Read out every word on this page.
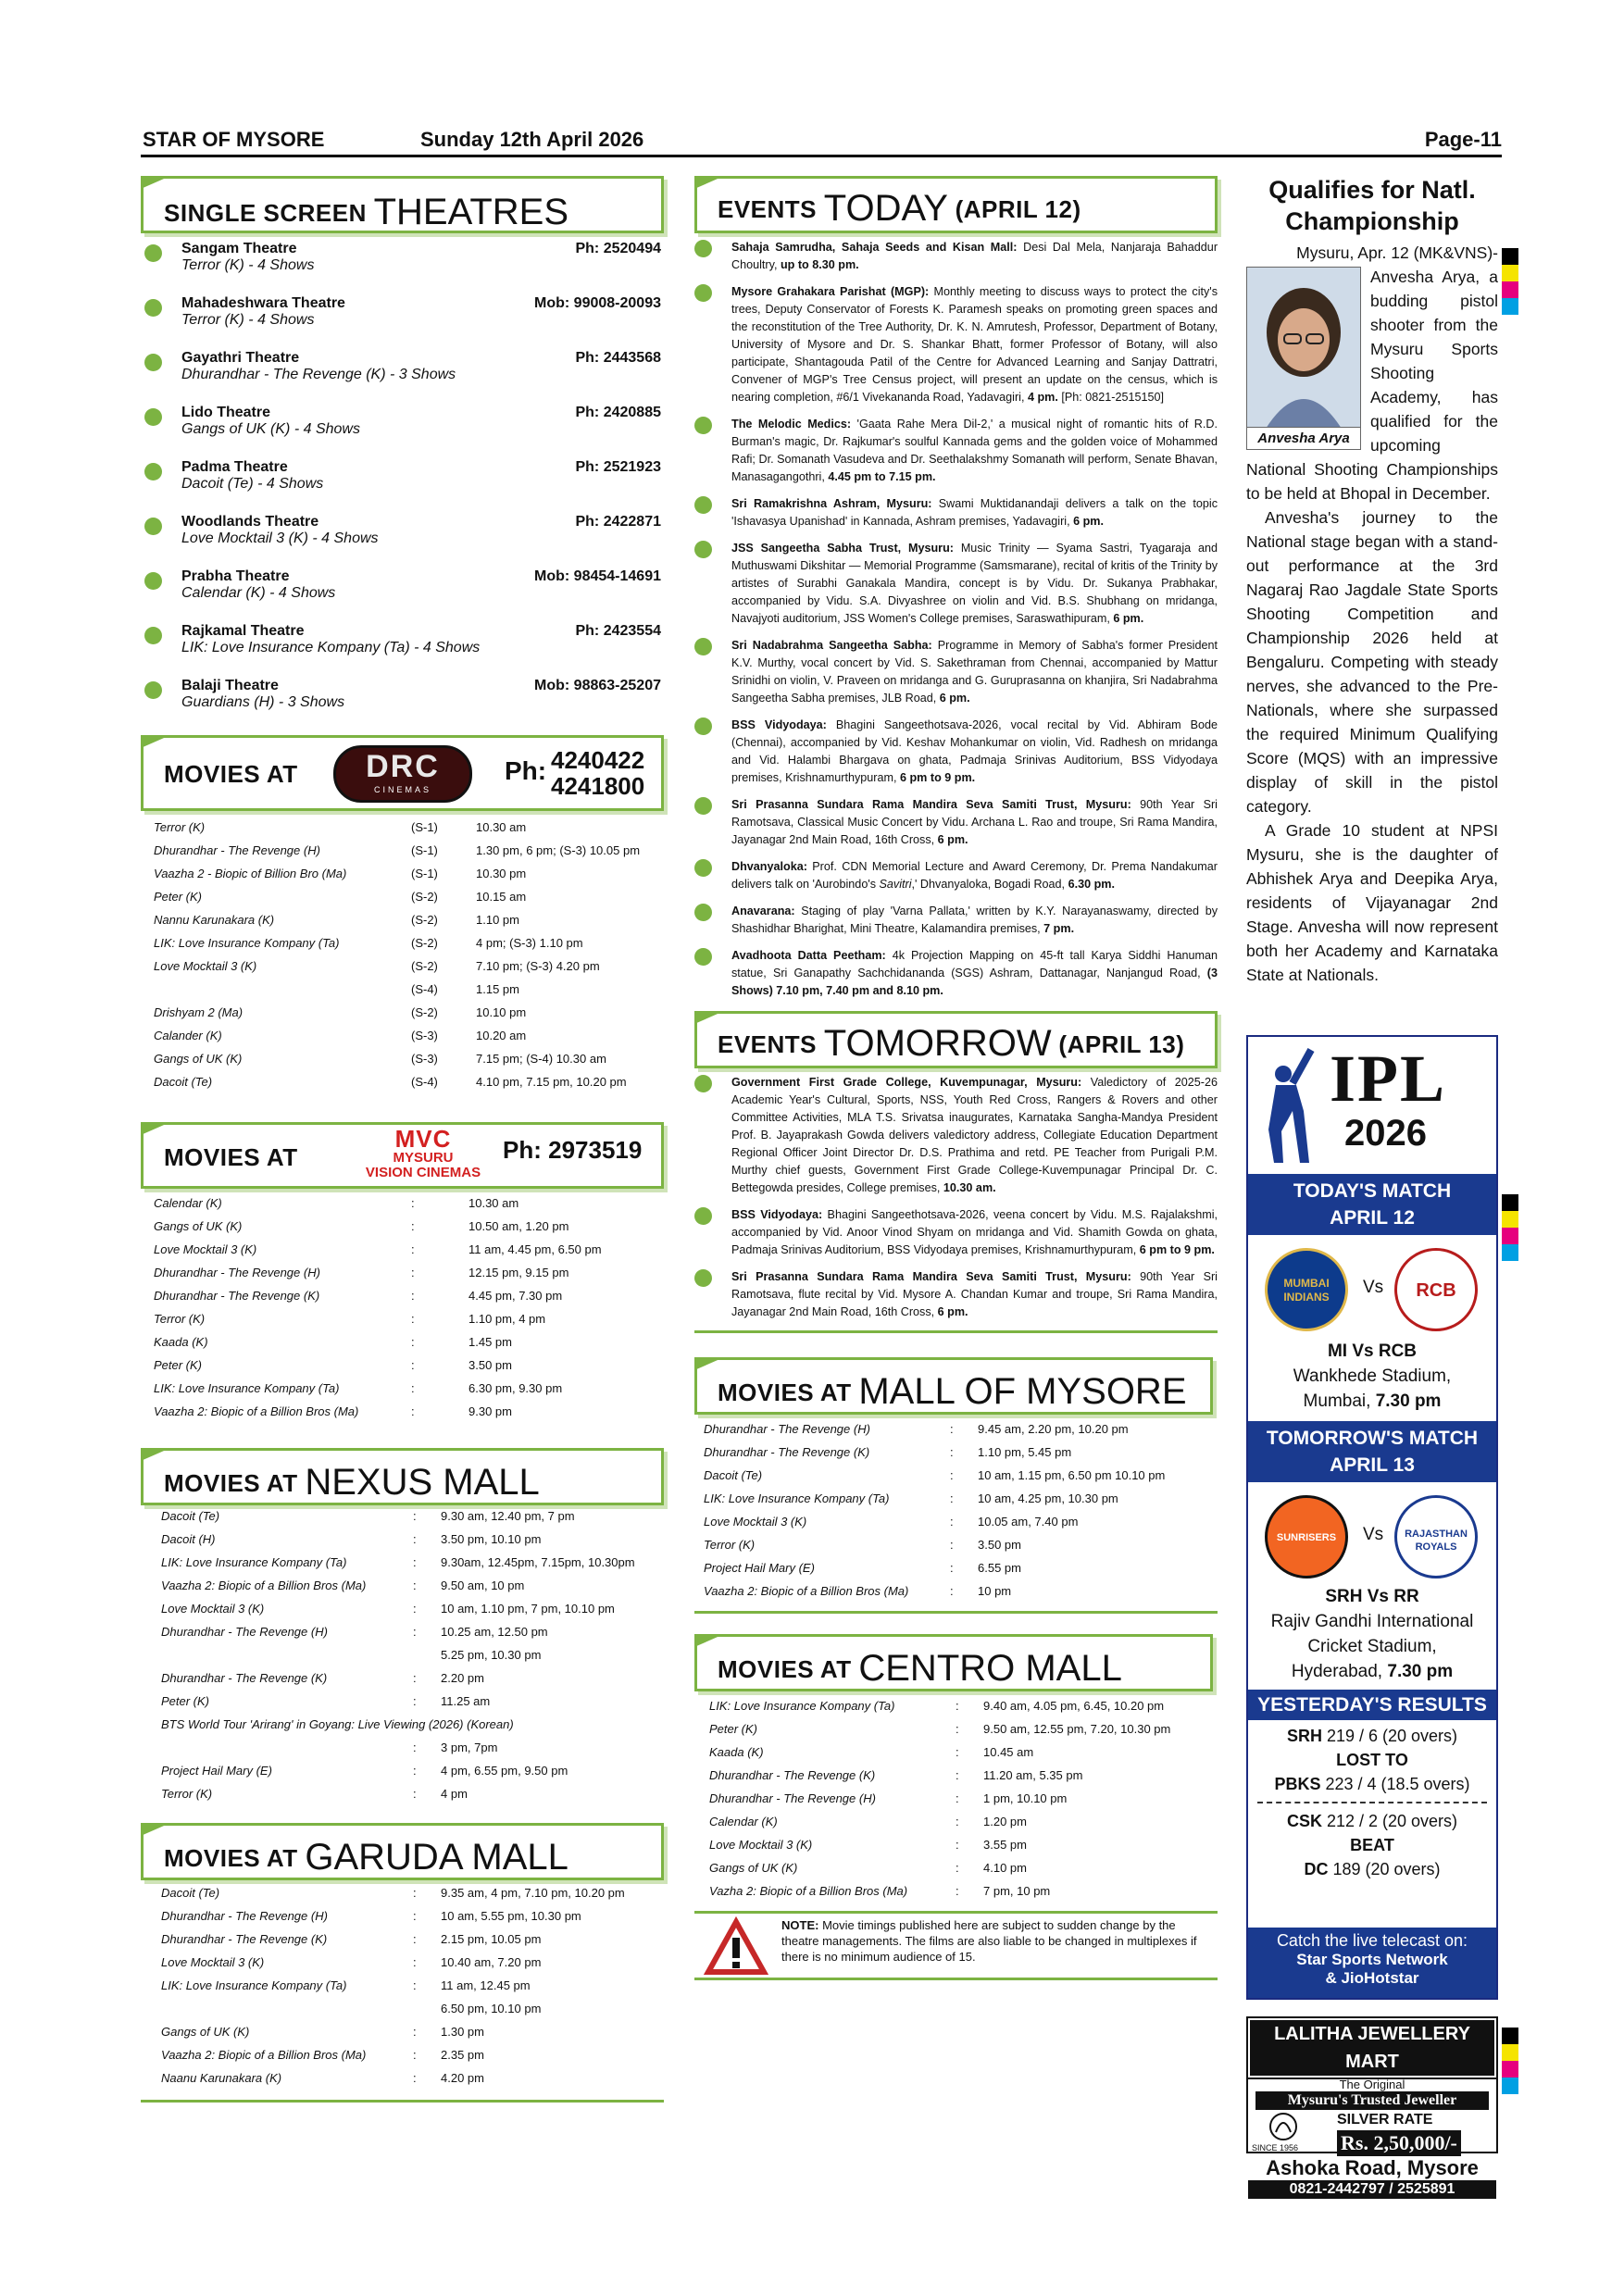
STAR OF MYSORE	Sunday 12th April 2026	Page-11
SINGLE SCREEN THEATRES
Sangam Theatre	Ph: 2520494
Terror (K) - 4 Shows
Mahadeshwara Theatre	Mob: 99008-20093
Terror (K) - 4 Shows
Gayathri Theatre	Ph: 2443568
Dhurandhar - The Revenge (K) - 3 Shows
Lido Theatre	Ph: 2420885
Gangs of UK (K) - 4 Shows
Padma Theatre	Ph: 2521923
Dacoit (Te) - 4 Shows
Woodlands Theatre	Ph: 2422871
Love Mocktail 3 (K) - 4 Shows
Prabha Theatre	Mob: 98454-14691
Calendar (K) - 4 Shows
Rajkamal Theatre	Ph: 2423554
LIK: Love Insurance Kompany (Ta) - 4 Shows
Balaji Theatre	Mob: 98863-25207
Guardians (H) - 3 Shows
MOVIES AT	DRC
CINEMAS
Ph: 4240422
4241800
Terror (K)	(S-1)	10.30 am
Dhurandhar - The Revenge (H)	(S-1)	1.30 pm, 6 pm; (S-3) 10.05 pm
Vaazha 2 - Biopic of Billion Bro (Ma)	(S-1)	10.30 pm
Peter (K)	(S-2)	10.15 am
Nannu Karunakara (K)	(S-2)	1.10 pm
LIK: Love Insurance Kompany (Ta)	(S-2)	4 pm; (S-3) 1.10 pm
Love Mocktail 3 (K)	(S-2)	7.10 pm; (S-3) 4.20 pm
	(S-4)	1.15 pm
Drishyam 2 (Ma)	(S-2)	10.10 pm
Calander (K)	(S-3)	10.20 am
Gangs of UK (K)	(S-3)	7.15 pm; (S-4) 10.30 am
Dacoit (Te)	(S-4)	4.10 pm, 7.15 pm, 10.20 pm
MOVIES AT
MVC
MYSURU
VISION CINEMAS
Ph: 2973519
Calendar (K)	:	10.30 am
Gangs of UK (K)	:	10.50 am, 1.20 pm
Love Mocktail 3 (K)	:	11 am, 4.45 pm, 6.50 pm
Dhurandhar - The Revenge (H)	:	12.15 pm, 9.15 pm
Dhurandhar - The Revenge (K)	:	4.45 pm, 7.30 pm
Terror (K)	:	1.10 pm, 4 pm
Kaada (K)	:	1.45 pm
Peter (K)	:	3.50 pm
LIK: Love Insurance Kompany (Ta)	:	6.30 pm, 9.30 pm
Vaazha 2: Biopic of a Billion Bros (Ma)	:	9.30 pm
MOVIES AT NEXUS MALL
Dacoit (Te)	:	9.30 am, 12.40 pm, 7 pm
Dacoit (H)	:	3.50 pm, 10.10 pm
LIK: Love Insurance Kompany (Ta)	:	9.30am, 12.45pm, 7.15pm, 10.30pm
Vaazha 2: Biopic of a Billion Bros (Ma)	:	9.50 am, 10 pm
Love Mocktail 3 (K)	:	10 am, 1.10 pm, 7 pm, 10.10 pm
Dhurandhar - The Revenge (H)	:	10.25 am, 12.50 pm
		5.25 pm, 10.30 pm
Dhurandhar - The Revenge (K)	:	2.20 pm
Peter (K)	:	11.25 am
BTS World Tour 'Arirang' in Goyang: Live Viewing (2026) (Korean)		
	:	3 pm, 7pm
Project Hail Mary (E)	:	4 pm, 6.55 pm, 9.50 pm
Terror (K)	:	4 pm
MOVIES AT GARUDA MALL
Dacoit (Te)	:	9.35 am, 4 pm, 7.10 pm, 10.20 pm
Dhurandhar - The Revenge (H)	:	10 am, 5.55 pm, 10.30 pm
Dhurandhar - The Revenge (K)	:	2.15 pm, 10.05 pm
Love Mocktail 3 (K)	:	10.40 am, 7.20 pm
LIK: Love Insurance Kompany (Ta)	:	11 am, 12.45 pm
		6.50 pm, 10.10 pm
Gangs of UK (K)	:	1.30 pm
Vaazha 2: Biopic of a Billion Bros (Ma)	:	2.35 pm
Naanu Karunakara (K)	:	4.20 pm
EVENTS TODAY (APRIL 12)
Sahaja Samrudha, Sahaja Seeds and Kisan Mall: Desi Dal Mela, Nanjaraja Bahaddur Choultry, up to 8.30 pm.
Mysore Grahakara Parishat (MGP): Monthly meeting to discuss ways to protect the city's trees, Deputy Conservator of Forests K. Paramesh speaks on promoting green spaces and the reconstitution of the Tree Authority, Dr. K. N. Amrutesh, Professor, Department of Botany, University of Mysore and Dr. S. Shankar Bhatt, former Professor of Botany, will also participate, Shantagouda Patil of the Centre for Advanced Learning and Sanjay Dattratri, Convener of MGP's Tree Census project, will present an update on the census, which is nearing completion, #6/1 Vivekananda Road, Yadavagiri, 4 pm. [Ph: 0821-2515150]
The Melodic Medics: 'Gaata Rahe Mera Dil-2,' a musical night of romantic hits of R.D. Burman's magic, Dr. Rajkumar's soulful Kannada gems and the golden voice of Mohammed Rafi; Dr. Somanath Vasudeva and Dr. Seethalakshmy Somanath will perform, Senate Bhavan, Manasagangothri, 4.45 pm to 7.15 pm.
Sri Ramakrishna Ashram, Mysuru: Swami Muktidanandaji delivers a talk on the topic 'Ishavasya Upanishad' in Kannada, Ashram premises, Yadavagiri, 6 pm.
JSS Sangeetha Sabha Trust, Mysuru: Music Trinity — Syama Sastri, Tyagaraja and Muthuswami Dikshitar — Memorial Programme (Samsmarane), recital of kritis of the Trinity by artistes of Surabhi Ganakala Mandira, concept is by Vidu. Dr. Sukanya Prabhakar, accompanied by Vidu. S.A. Divyashree on violin and Vid. B.S. Shubhang on mridanga, Navajyoti auditorium, JSS Women's College premises, Saraswathipuram, 6 pm.
Sri Nadabrahma Sangeetha Sabha: Programme in Memory of Sabha's former President K.V. Murthy, vocal concert by Vid. S. Sakethraman from Chennai, accompanied by Mattur Srinidhi on violin, V. Praveen on mridanga and G. Guruprasanna on khanjira, Sri Nadabrahma Sangeetha Sabha premises, JLB Road, 6 pm.
BSS Vidyodaya: Bhagini Sangeethotsava-2026, vocal recital by Vid. Abhiram Bode (Chennai), accompanied by Vid. Keshav Mohankumar on violin, Vid. Radhesh on mridanga and Vid. Halambi Bhargava on ghata, Padmaja Srinivas Auditorium, BSS Vidyodaya premises, Krishnamurthypuram, 6 pm to 9 pm.
Sri Prasanna Sundara Rama Mandira Seva Samiti Trust, Mysuru: 90th Year Sri Ramotsava, Classical Music Concert by Vidu. Archana L. Rao and troupe, Sri Rama Mandira, Jayanagar 2nd Main Road, 16th Cross, 6 pm.
Dhvanyaloka: Prof. CDN Memorial Lecture and Award Ceremony, Dr. Prema Nandakumar delivers talk on 'Aurobindo's Savitri,' Dhvanyaloka, Bogadi Road, 6.30 pm.
Anavarana: Staging of play 'Varna Pallata,' written by K.Y. Narayanaswamy, directed by Shashidhar Bharighat, Mini Theatre, Kalamandira premises, 7 pm.
Avadhoota Datta Peetham: 4k Projection Mapping on 45-ft tall Karya Siddhi Hanuman statue, Sri Ganapathy Sachchidananda (SGS) Ashram, Dattanagar, Nanjangud Road, (3 Shows) 7.10 pm, 7.40 pm and 8.10 pm.
EVENTS TOMORROW (APRIL 13)
Government First Grade College, Kuvempunagar, Mysuru: Valedictory of 2025-26 Academic Year's Cultural, Sports, NSS, Youth Red Cross, Rangers & Rovers and other Committee Activities, MLA T.S. Srivatsa inaugurates, Karnataka Sangha-Mandya President Prof. B. Jayaprakash Gowda delivers valedictory address, Collegiate Education Department Regional Officer Joint Director Dr. D.S. Prathima and retd. PE Teacher from Purigali P.M. Murthy chief guests, Government First Grade College-Kuvempunagar Principal Dr. C. Bettegowda presides, College premises, 10.30 am.
BSS Vidyodaya: Bhagini Sangeethotsava-2026, veena concert by Vidu. M.S. Rajalakshmi, accompanied by Vid. Anoor Vinod Shyam on mridanga and Vid. Shamith Gowda on ghata, Padmaja Srinivas Auditorium, BSS Vidyodaya premises, Krishnamurthypuram, 6 pm to 9 pm.
Sri Prasanna Sundara Rama Mandira Seva Samiti Trust, Mysuru: 90th Year Sri Ramotsava, flute recital by Vid. Mysore A. Chandan Kumar and troupe, Sri Rama Mandira, Jayanagar 2nd Main Road, 16th Cross, 6 pm.
MOVIES AT MALL OF MYSORE
Dhurandhar - The Revenge (H)	:	9.45 am, 2.20 pm, 10.20 pm
Dhurandhar - The Revenge (K)	:	1.10 pm, 5.45 pm
Dacoit (Te)	:	10 am, 1.15 pm, 6.50 pm 10.10 pm
LIK: Love Insurance Kompany (Ta)	:	10 am, 4.25 pm, 10.30 pm
Love Mocktail 3 (K)	:	10.05 am, 7.40 pm
Terror (K)	:	3.50 pm
Project Hail Mary (E)	:	6.55 pm
Vaazha 2: Biopic of a Billion Bros (Ma)	:	10 pm
MOVIES AT CENTRO MALL
LIK: Love Insurance Kompany (Ta)	:	9.40 am, 4.05 pm, 6.45, 10.20 pm
Peter (K)	:	9.50 am, 12.55 pm, 7.20, 10.30 pm
Kaada (K)	:	10.45 am
Dhurandhar - The Revenge (K)	:	11.20 am, 5.35 pm
Dhurandhar - The Revenge (H)	:	1 pm, 10.10 pm
Calendar (K)	:	1.20 pm
Love Mocktail 3 (K)	:	3.55 pm
Gangs of UK (K)	:	4.10 pm
Vazha 2: Biopic of a Billion Bros (Ma)	:	7 pm, 10 pm
NOTE: Movie timings published here are subject to sudden change by the theatre managements. The films are also liable to be changed in multiplexes if there is no minimum audience of 15.
Qualifies for Natl.
Championship
Mysuru, Apr. 12 (MK&VNS)-
Anvesha Arya
Anvesha Arya, a budding pistol shooter from the Mysuru Sports Shooting Academy, has qualified for the upcoming National Shooting Championships to be held at Bhopal in December.
Anvesha's journey to the National stage began with a stand-out performance at the 3rd Nagaraj Rao Jagdale State Sports Shooting Competition and Championship 2026 held at Bengaluru. Competing with steady nerves, she advanced to the Pre-Nationals, where she surpassed the required Minimum Qualifying Score (MQS) with an impressive display of skill in the pistol category.
A Grade 10 student at NPSI Mysuru, she is the daughter of Abhishek Arya and Deepika Arya, residents of Vijayanagar 2nd Stage. Anvesha will now represent both her Academy and Karnataka State at Nationals.
IPL
2026
TODAY'S MATCH
APRIL 12
MUMBAI INDIANS	Vs	RCB
MI Vs RCB
Wankhede Stadium,
Mumbai, 7.30 pm
TOMORROW'S MATCH
APRIL 13
SUNRISERS	Vs	RAJASTHAN ROYALS
SRH Vs RR
Rajiv Gandhi International
Cricket Stadium,
Hyderabad, 7.30 pm
YESTERDAY'S RESULTS
SRH 219 / 6 (20 overs)
LOST TO
PBKS 223 / 4 (18.5 overs)
CSK 212 / 2 (20 overs)
BEAT
DC 189 (20 overs)
Catch the live telecast on:
Star Sports Network
& JioHotstar
LALITHA JEWELLERY MART
The Original
Mysuru's Trusted Jeweller
SINCE 1956
SILVER RATE
Rs. 2,50,000/-
Ashoka Road, Mysore
0821-2442797 / 2525891
